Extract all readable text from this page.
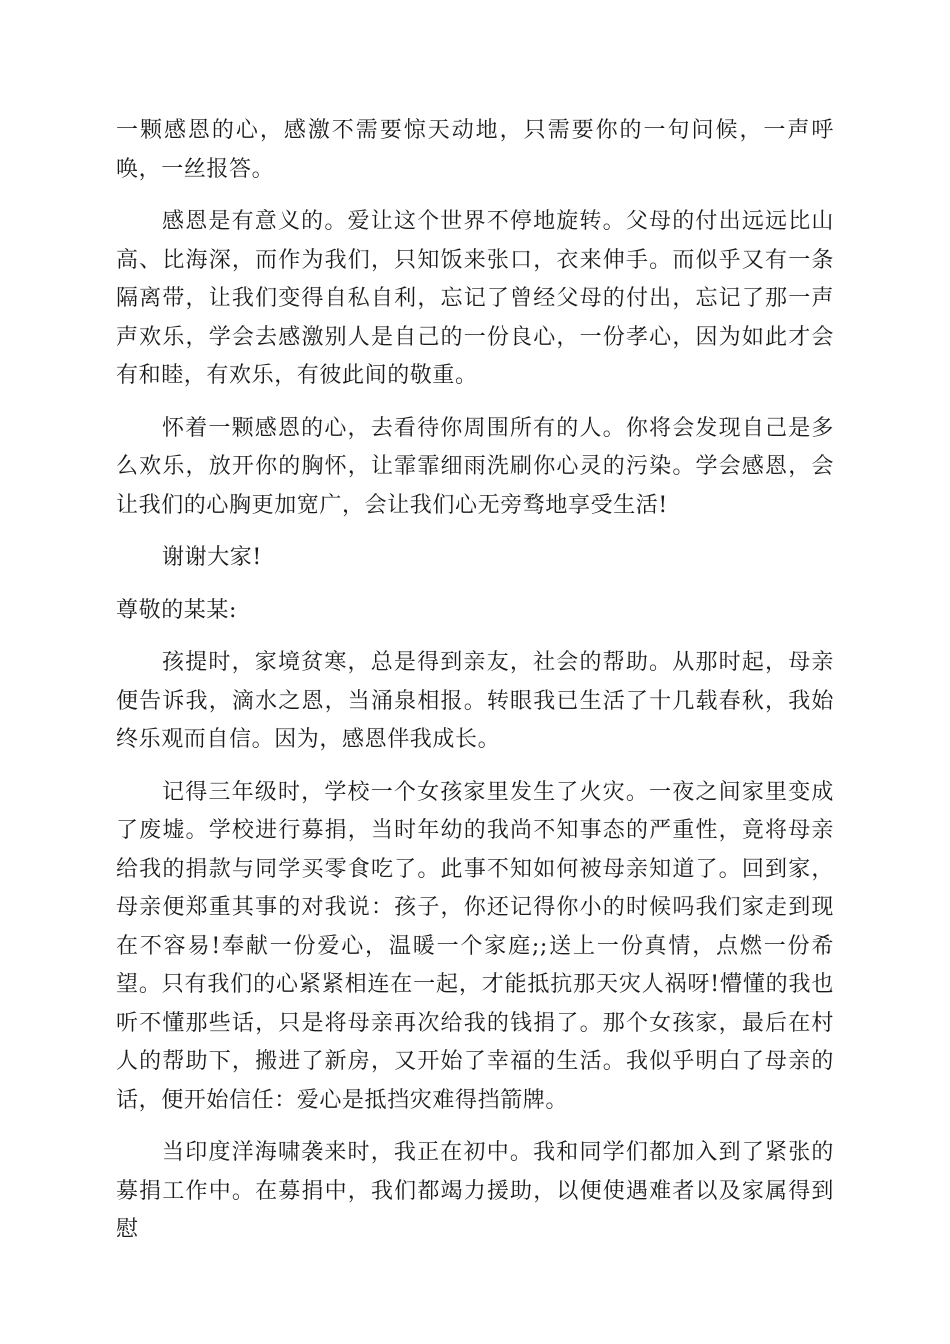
一颗感恩的心，感激不需要惊天动地，只需要你的一句问候，一声呼唤，一丝报答。

感恩是有意义的。爱让这个世界不停地旋转。父母的付出远远比山高、比海深，而作为我们，只知饭来张口，衣来伸手。而似乎又有一条隔离带，让我们变得自私自利，忘记了曾经父母的付出，忘记了那一声声欢乐，学会去感激别人是自己的一份良心，一份孝心，因为如此才会有和睦，有欢乐，有彼此间的敬重。

怀着一颗感恩的心，去看待你周围所有的人。你将会发现自己是多么欢乐，放开你的胸怀，让霏霏细雨洗刷你心灵的污染。学会感恩，会让我们的心胸更加宽广，会让我们心无旁骛地享受生活!

谢谢大家!

尊敬的某某:

孩提时，家境贫寒，总是得到亲友，社会的帮助。从那时起，母亲便告诉我，滴水之恩，当涌泉相报。转眼我已生活了十几载春秋，我始终乐观而自信。因为，感恩伴我成长。

记得三年级时，学校一个女孩家里发生了火灾。一夜之间家里变成了废墟。学校进行募捐，当时年幼的我尚不知事态的严重性，竟将母亲给我的捐款与同学买零食吃了。此事不知如何被母亲知道了。回到家，母亲便郑重其事的对我说：孩子，你还记得你小的时候吗我们家走到现在不容易!奉献一份爱心，温暖一个家庭;;送上一份真情，点燃一份希望。只有我们的心紧紧相连在一起，才能抵抗那天灾人祸呀!懵懂的我也听不懂那些话，只是将母亲再次给我的钱捐了。那个女孩家，最后在村人的帮助下，搬进了新房，又开始了幸福的生活。我似乎明白了母亲的话，便开始信任：爱心是抵挡灾难得挡箭牌。

当印度洋海啸袭来时，我正在初中。我和同学们都加入到了紧张的募捐工作中。在募捐中，我们都竭力援助，以便使遇难者以及家属得到慰
